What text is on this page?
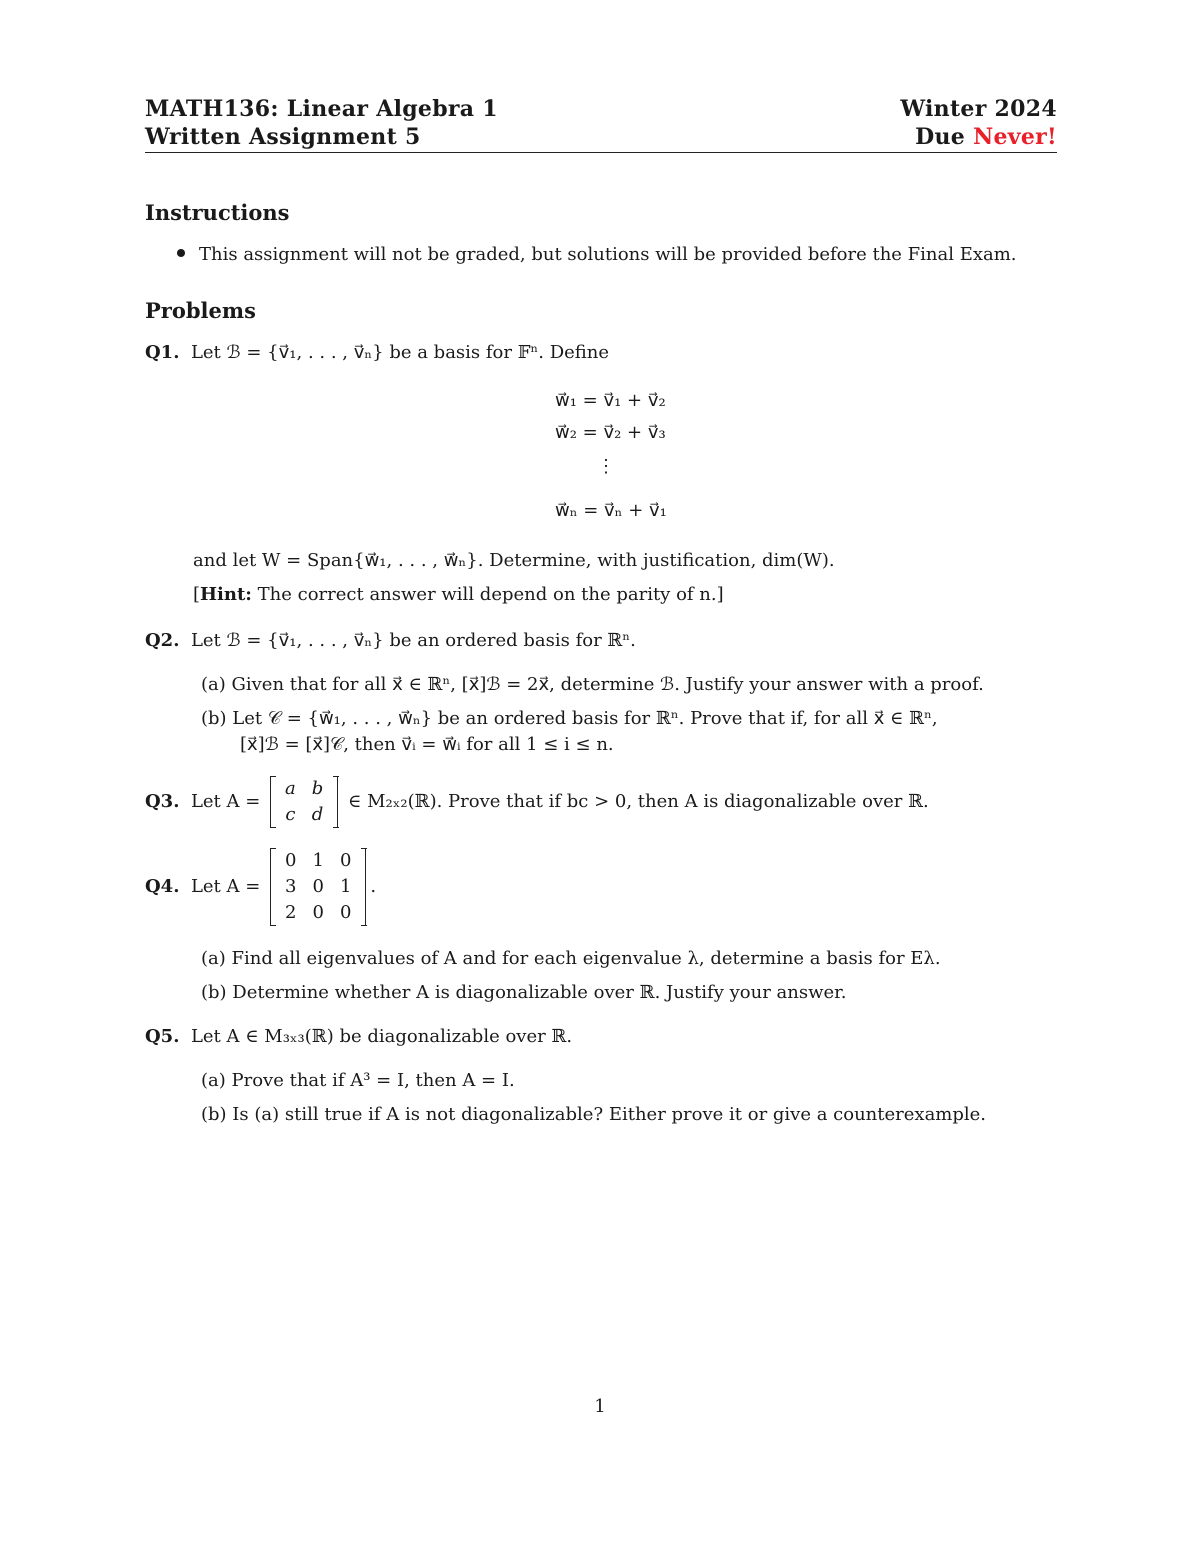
MATH136: Linear Algebra 1	Winter 2024
Written Assignment 5	Due Never!
Instructions
This assignment will not be graded, but solutions will be provided before the Final Exam.
Problems
Q1. Let ℬ = {v⃗₁, . . . , v⃗ₙ} be a basis for 𝔽ⁿ. Define
w⃗₁ = v⃗₁ + v⃗₂
w⃗₂ = v⃗₂ + v⃗₃
⋮
w⃗ₙ = v⃗ₙ + v⃗₁
and let W = Span{w⃗₁, . . . , w⃗ₙ}. Determine, with justification, dim(W).
[Hint: The correct answer will depend on the parity of n.]
Q2. Let ℬ = {v⃗₁, . . . , v⃗ₙ} be an ordered basis for ℝⁿ.
(a) Given that for all x⃗ ∈ ℝⁿ, [x⃗]ℬ = 2x⃗, determine ℬ. Justify your answer with a proof.
(b) Let 𝒞 = {w⃗₁, . . . , w⃗ₙ} be an ordered basis for ℝⁿ. Prove that if, for all x⃗ ∈ ℝⁿ,
[x⃗]ℬ = [x⃗]𝒞, then v⃗ᵢ = w⃗ᵢ for all 1 ≤ i ≤ n.
Q3. Let A =
a	b
c	d
∈ M₂ₓ₂(ℝ). Prove that if bc > 0, then A is diagonalizable over ℝ.
Q4. Let A =
0	1	0
3	0	1
2	0	0
.
(a) Find all eigenvalues of A and for each eigenvalue λ, determine a basis for Eλ.
(b) Determine whether A is diagonalizable over ℝ. Justify your answer.
Q5. Let A ∈ M₃ₓ₃(ℝ) be diagonalizable over ℝ.
(a) Prove that if A³ = I, then A = I.
(b) Is (a) still true if A is not diagonalizable? Either prove it or give a counterexample.
1
